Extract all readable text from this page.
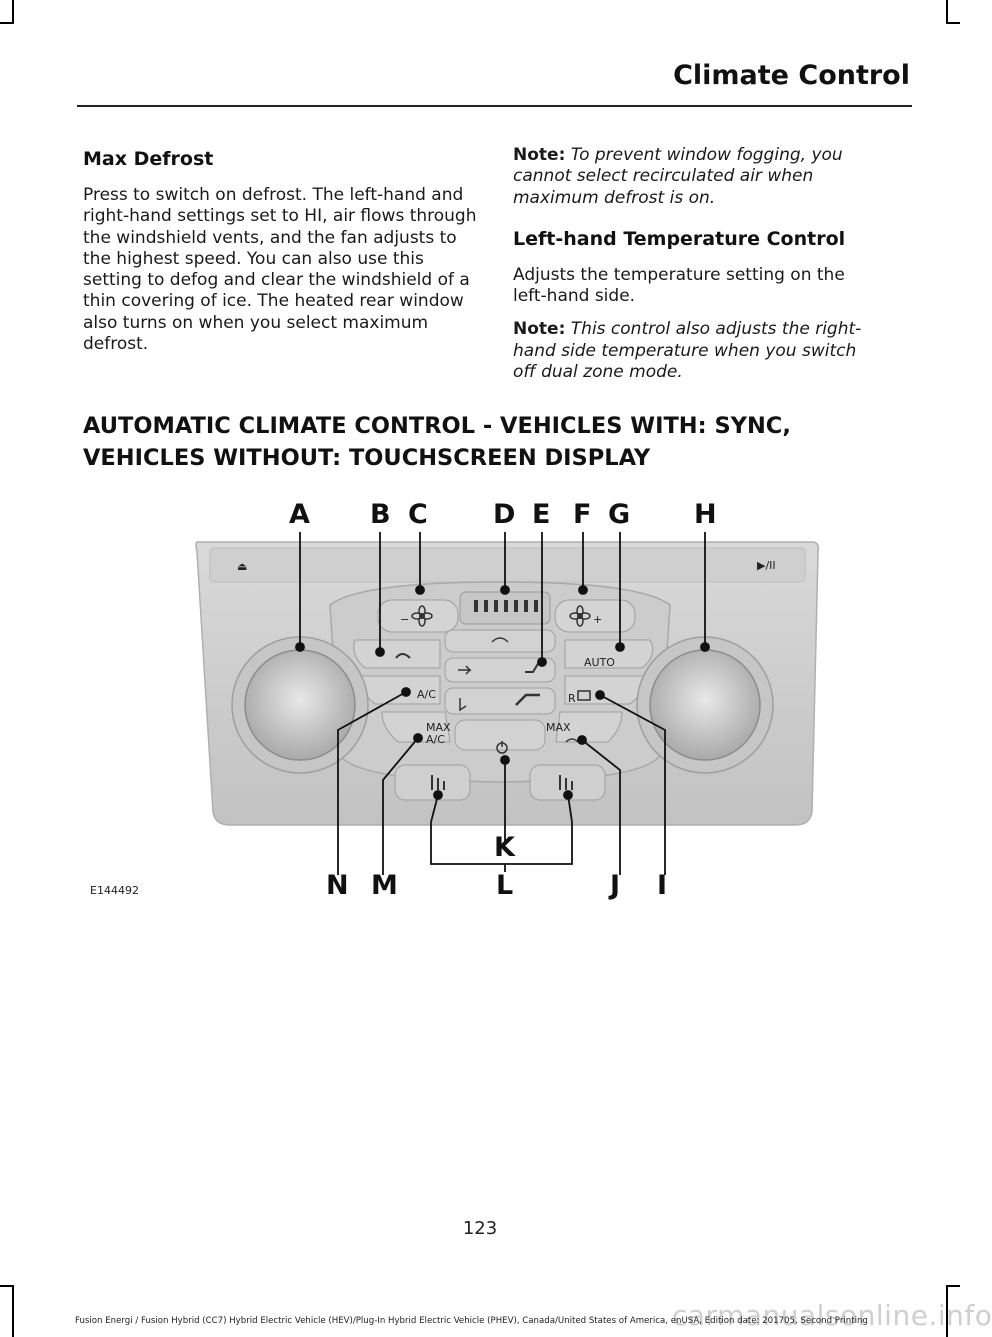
Climate Control
Max Defrost

Press to switch on defrost. The left-hand and right-hand settings set to HI, air flows through the windshield vents, and the fan adjusts to the highest speed. You can also use this setting to defog and clear the windshield of a thin covering of ice. The heated rear window also turns on when you select maximum defrost.

Note: To prevent window fogging, you cannot select recirculated air when maximum defrost is on.

Left-hand Temperature Control

Adjusts the temperature setting on the left-hand side.

Note: This control also adjusts the right-hand side temperature when you switch off dual zone mode.

AUTOMATIC CLIMATE CONTROL - VEHICLES WITH: SYNC,
VEHICLES WITHOUT: TOUCHSCREEN DISPLAY
⏏	▶/II
−	+
A/C
MAX
A/C
AUTO
R
MAX
A B C D E F G H
K
N M	L	J I
E144492
123
carmanualsonline.info
Fusion Energi / Fusion Hybrid (CC7) Hybrid Electric Vehicle (HEV)/Plug-In Hybrid Electric Vehicle (PHEV), Canada/United States of America, enUSA, Edition date: 201705, Second Printing
